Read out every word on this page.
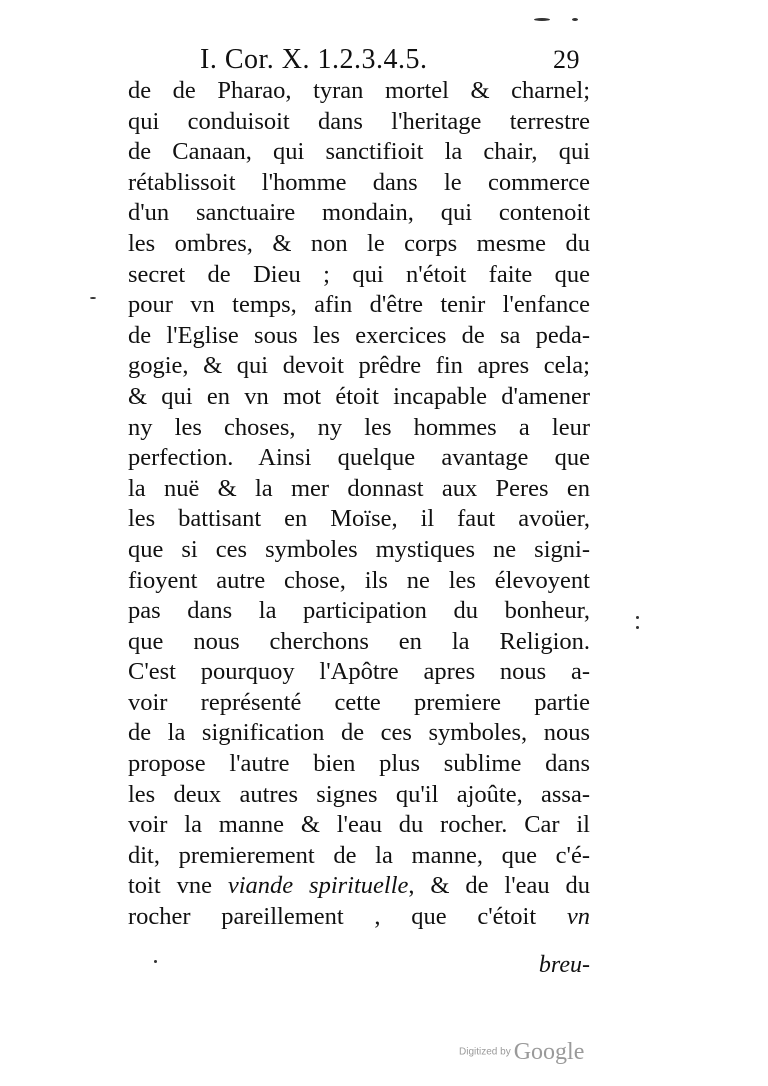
I. Cor. X. 1.2.3.4.5.	29
de de Pharao, tyran mortel & charnel;
qui conduisoit dans l'heritage terrestre
de Canaan, qui sanctifioit la chair, qui
rétablissoit l'homme dans le commerce
d'un sanctuaire mondain, qui contenoit
les ombres, & non le corps mesme du
secret de Dieu ; qui n'étoit faite que
pour vn temps, afin d'être tenir l'enfance
de l'Eglise sous les exercices de sa peda-
gogie, & qui devoit prêdre fin apres cela;
& qui en vn mot étoit incapable d'amener
ny les choses, ny les hommes a leur
perfection. Ainsi quelque avantage que
la nuë & la mer donnast aux Peres en
les battisant en Moïse, il faut avoüer,
que si ces symboles mystiques ne signi-
fioyent autre chose, ils ne les élevoyent
pas dans la participation du bonheur,
que nous cherchons en la Religion.
C'est pourquoy l'Apôtre apres nous a-
voir représenté cette premiere partie
de la signification de ces symboles, nous
propose l'autre bien plus sublime dans
les deux autres signes qu'il ajoûte, assa-
voir la manne & l'eau du rocher. Car il
dit, premierement de la manne, que c'é-
toit vne viande spirituelle, & de l'eau du
rocher pareillement , que c'étoit vn
breu-
Digitized by Google
